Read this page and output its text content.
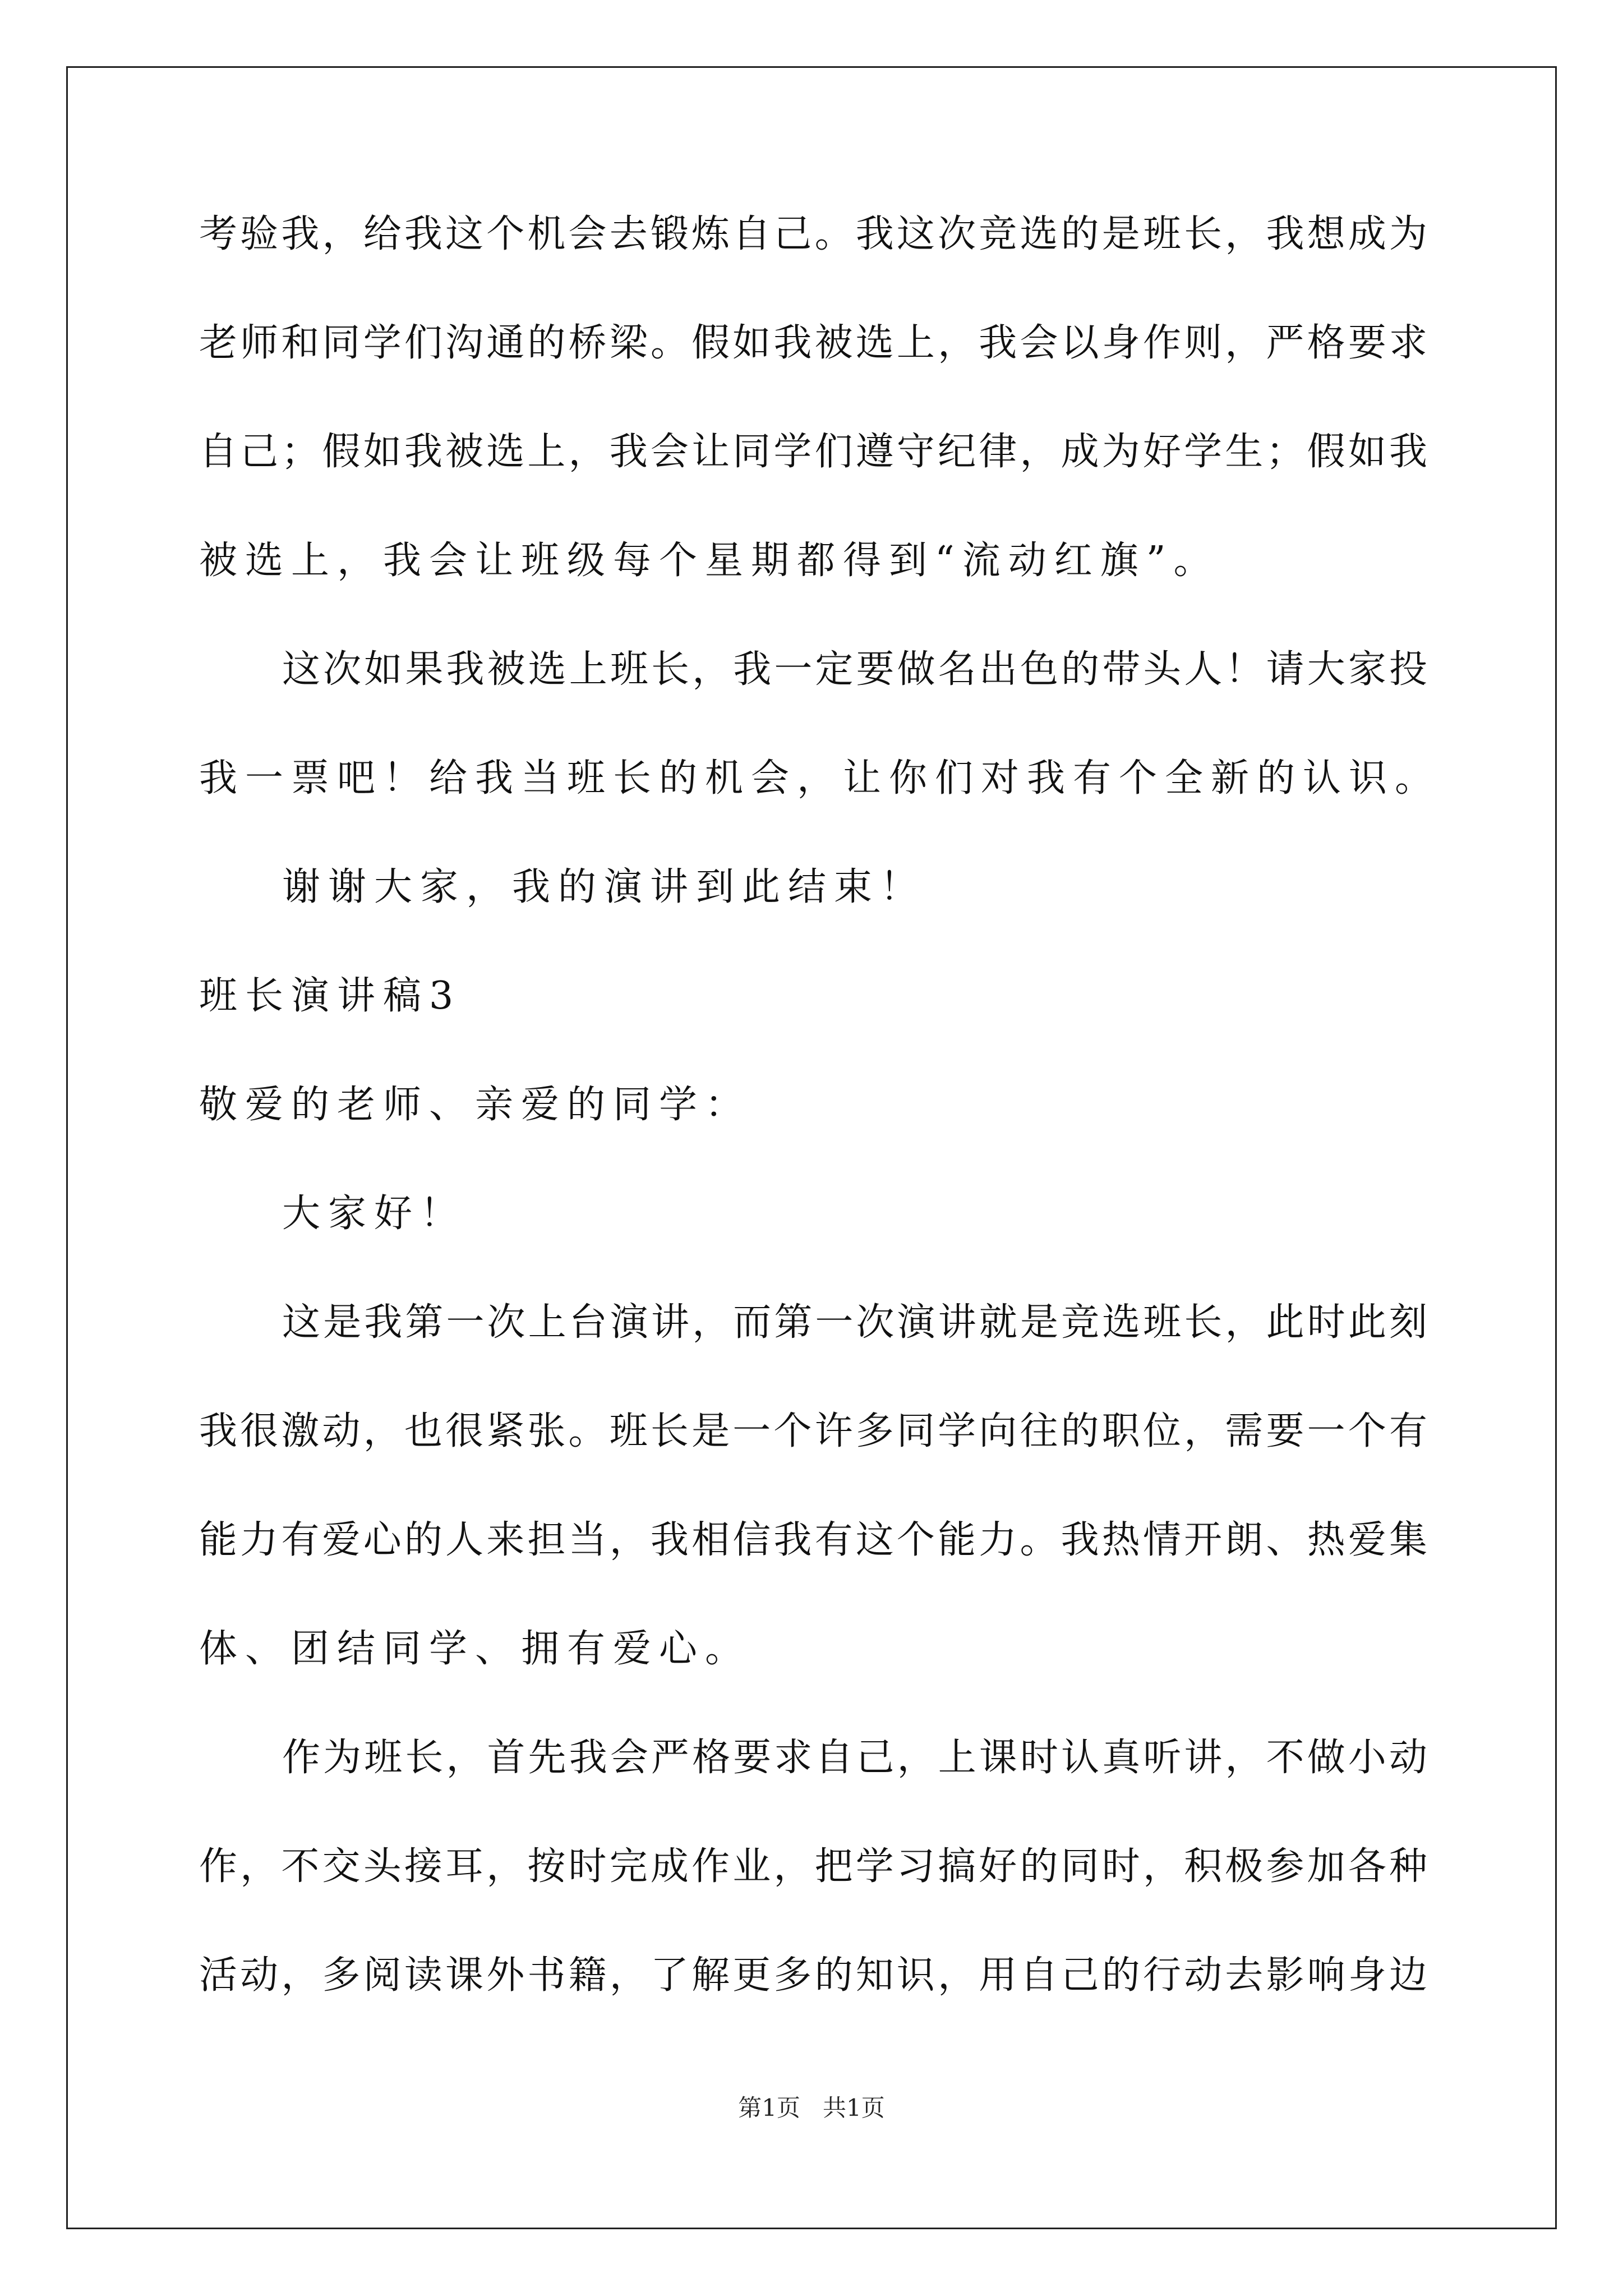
考 验 我 ， 给 我 这 个 机 会 去 锻 炼 自 己 。 我 这 次 竞 选 的 是 班 长 ， 我 想 成 为
老 师 和 同 学 们 沟 通 的 桥 梁 。 假 如 我 被 选 上 ， 我 会 以 身 作 则 ， 严 格 要 求
自 己 ； 假 如 我 被 选 上 ， 我 会 让 同 学 们 遵 守 纪 律 ， 成 为 好 学 生 ； 假 如 我
被选上，我会让班级每个星期都得到“流动红旗”。
这 次 如 果 我 被 选 上 班 长 ， 我 一 定 要 做 名 出 色 的 带 头 人 ！ 请 大 家 投
我一票吧！给我当班长的机会，让你们对我有个全新的认识。
谢谢大家，我的演讲到此结束！
班长演讲稿3
敬爱的老师、亲爱的同学：
大家好！
这 是 我 第 一 次 上 台 演 讲 ， 而 第 一 次 演 讲 就 是 竞 选 班 长 ， 此 时 此 刻
我 很 激 动 ， 也 很 紧 张 。 班 长 是 一 个 许 多 同 学 向 往 的 职 位 ， 需 要 一 个 有
能 力 有 爱 心 的 人 来 担 当 ， 我 相 信 我 有 这 个 能 力 。 我 热 情 开 朗 、 热 爱 集
体、团结同学、拥有爱心。
作 为 班 长 ， 首 先 我 会 严 格 要 求 自 己 ， 上 课 时 认 真 听 讲 ， 不 做 小 动
作 ， 不 交 头 接 耳 ， 按 时 完 成 作 业 ， 把 学 习 搞 好 的 同 时 ， 积 极 参 加 各 种
活 动 ， 多 阅 读 课 外 书 籍 ， 了 解 更 多 的 知 识 ， 用 自 己 的 行 动 去 影 响 身 边
第1页   共1页
